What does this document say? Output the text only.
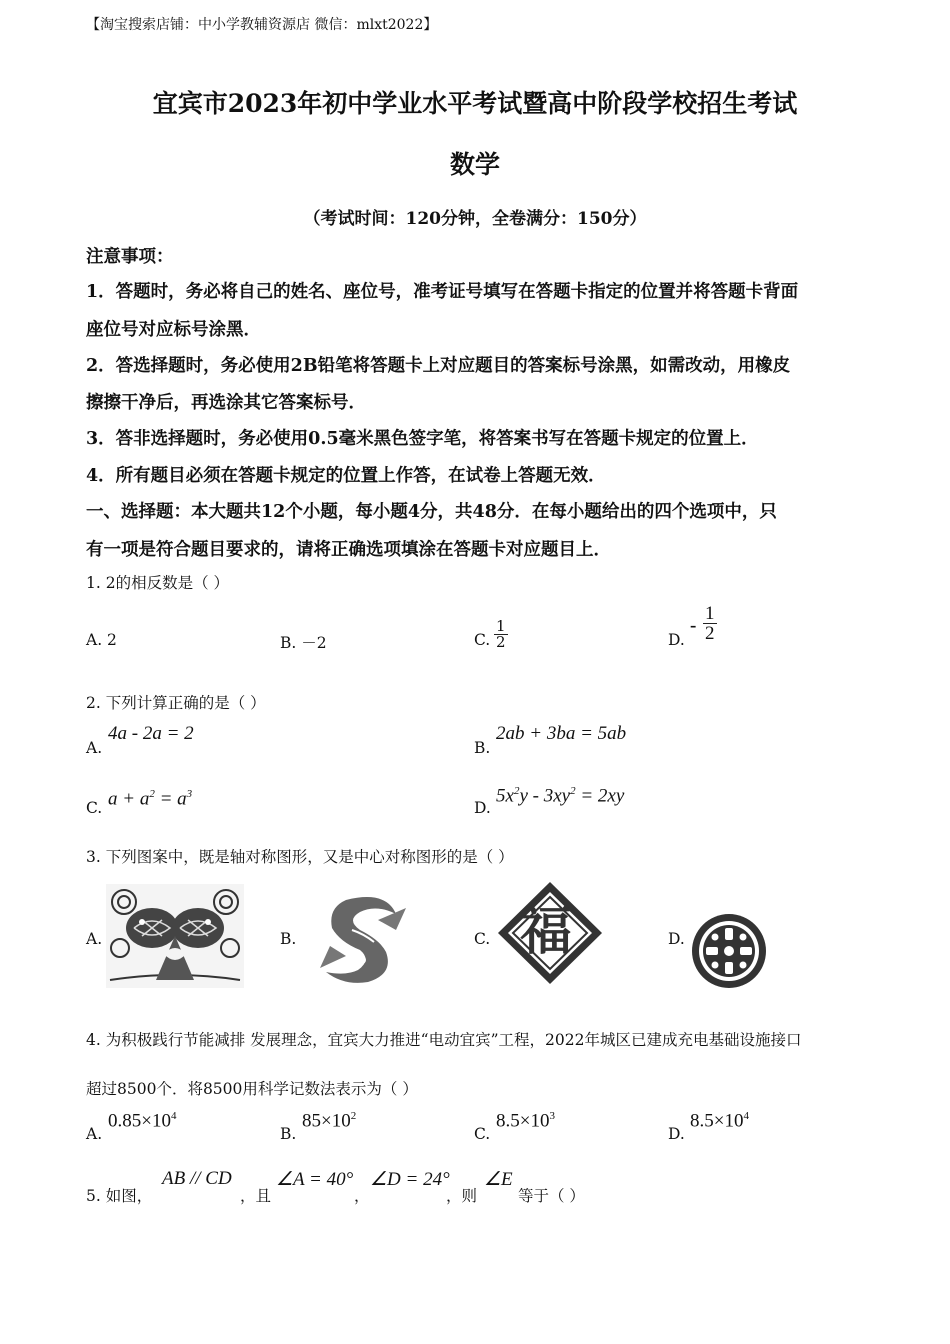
【淘宝搜索店铺：中小学教辅资源店 微信：mlxt2022】
宜宾市2023年初中学业水平考试暨高中阶段学校招生考试
数学
（考试时间：120分钟，全卷满分：150分）
注意事项：
1．答题时，务必将自己的姓名、座位号，准考证号填写在答题卡指定的位置并将答题卡背面
座位号对应标号涂黑．
2．答选择题时，务必使用2B铅笔将答题卡上对应题目的答案标号涂黑，如需改动，用橡皮
擦擦干净后，再选涂其它答案标号．
3．答非选择题时，务必使用0.5毫米黑色签字笔，将答案书写在答题卡规定的位置上．
4．所有题目必须在答题卡规定的位置上作答，在试卷上答题无效．
一、选择题：本大题共12个小题，每小题4分，共48分．在每小题给出的四个选项中，只
有一项是符合题目要求的，请将正确选项填涂在答题卡对应题目上．
1. 2的相反数是（ ）
A. 2	B. －2	C. $\frac{1}{2}$	D.
- $\frac{1}{2}$
2. 下列计算正确的是（ ）
A.
4a - 2a = 2
B.
2ab + 3ba = 5ab
C. $a + a^2 = a^3$
D.
$5x^2y - 3xy^2 = 2xy$
3. 下列图案中，既是轴对称图形，又是中心对称图形的是（ ）
A.	B.	C. 福	D.
4. 为积极践行节能减排 发展理念，宜宾大力推进“电动宜宾”工程，2022年城区已建成充电基础设施接口
超过8500个．将8500用科学记数法表示为（ ）
A.
$0.85\times 10^4$
B.
$85\times 10^2$
C.
$8.5\times 10^3$
D.
$8.5\times 10^4$
5. 如图，
AB // CD
，且
∠A = 40°
，
∠D = 24°
，则
∠E
等于（ ）
